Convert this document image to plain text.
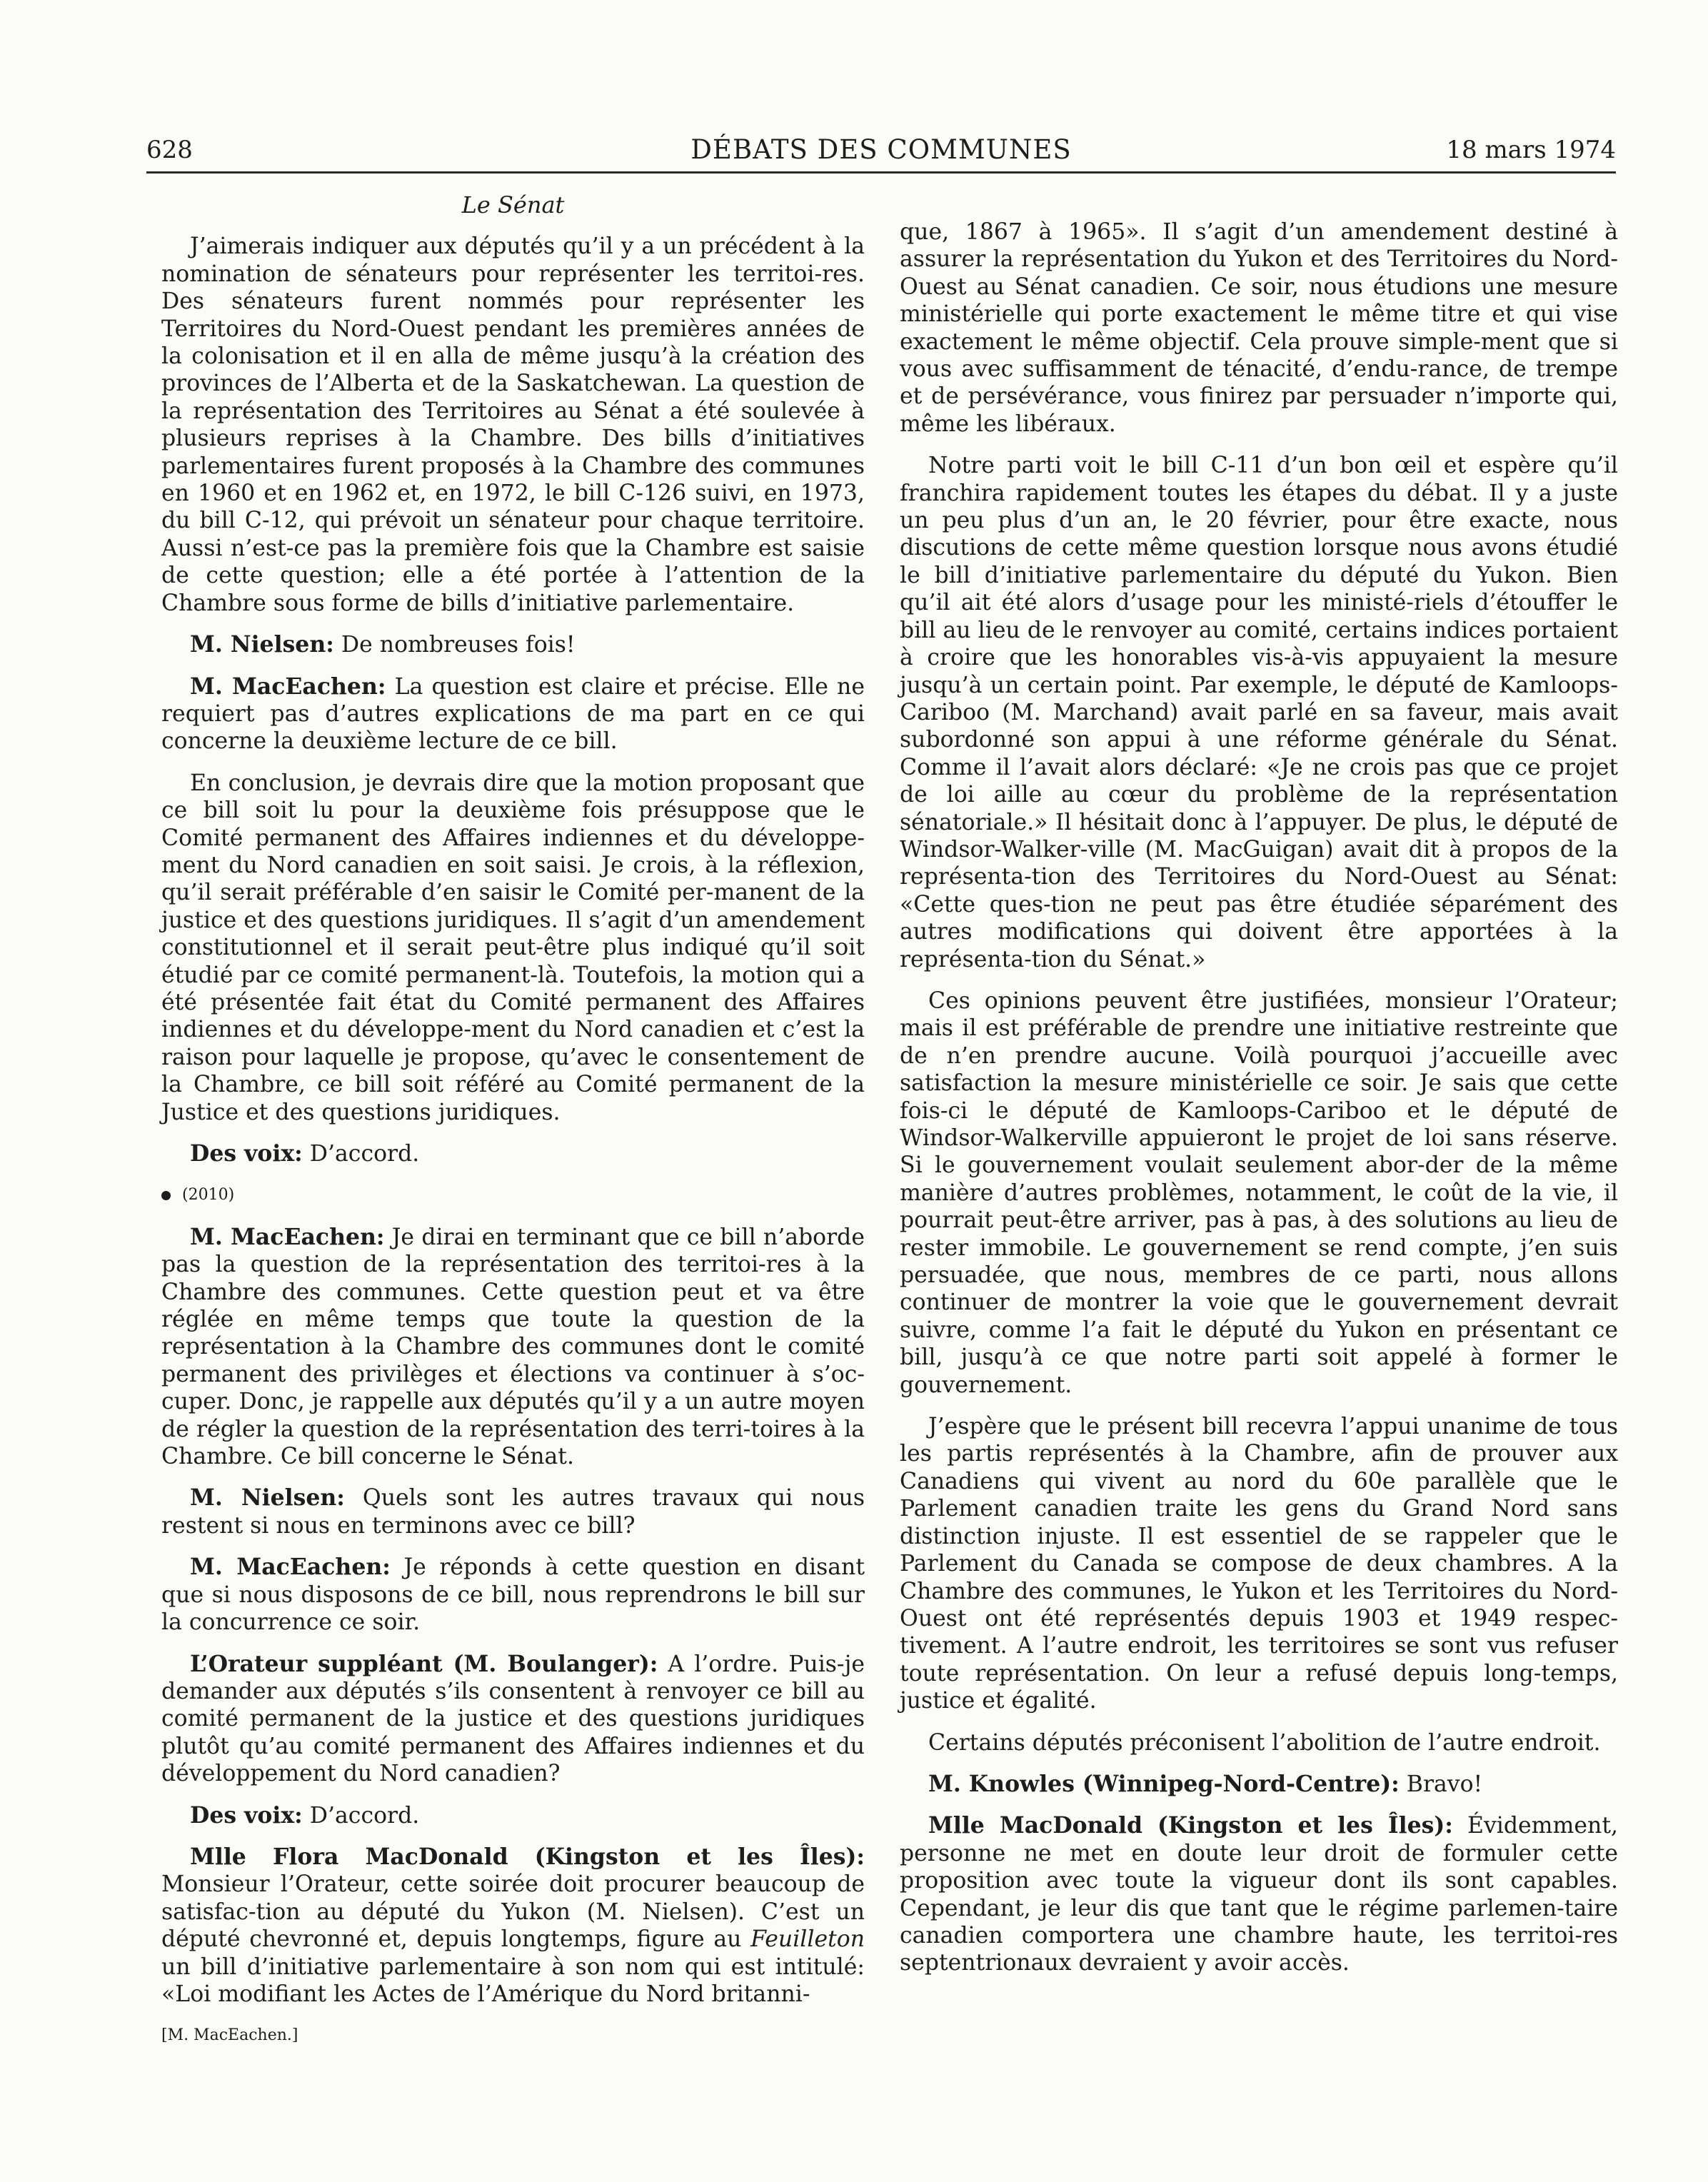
628	DÉBATS DES COMMUNES	18 mars 1974

Le Sénat

J’aimerais indiquer aux députés qu’il y a un précédent à la nomination de sénateurs pour représenter les territoi-res. Des sénateurs furent nommés pour représenter les Territoires du Nord-Ouest pendant les premières années de la colonisation et il en alla de même jusqu’à la création des provinces de l’Alberta et de la Saskatchewan. La question de la représentation des Territoires au Sénat a été soulevée à plusieurs reprises à la Chambre. Des bills d’initiatives parlementaires furent proposés à la Chambre des communes en 1960 et en 1962 et, en 1972, le bill C-126 suivi, en 1973, du bill C-12, qui prévoit un sénateur pour chaque territoire. Aussi n’est-ce pas la première fois que la Chambre est saisie de cette question; elle a été portée à l’attention de la Chambre sous forme de bills d’initiative parlementaire.

M. Nielsen: De nombreuses fois!

M. MacEachen: La question est claire et précise. Elle ne requiert pas d’autres explications de ma part en ce qui concerne la deuxième lecture de ce bill.

En conclusion, je devrais dire que la motion proposant que ce bill soit lu pour la deuxième fois présuppose que le Comité permanent des Affaires indiennes et du développe-ment du Nord canadien en soit saisi. Je crois, à la réflexion, qu’il serait préférable d’en saisir le Comité per-manent de la justice et des questions juridiques. Il s’agit d’un amendement constitutionnel et il serait peut-être plus indiqué qu’il soit étudié par ce comité permanent-là. Toutefois, la motion qui a été présentée fait état du Comité permanent des Affaires indiennes et du développe-ment du Nord canadien et c’est la raison pour laquelle je propose, qu’avec le consentement de la Chambre, ce bill soit référé au Comité permanent de la Justice et des questions juridiques.

Des voix: D’accord.

(2010)

M. MacEachen: Je dirai en terminant que ce bill n’aborde pas la question de la représentation des territoi-res à la Chambre des communes. Cette question peut et va être réglée en même temps que toute la question de la représentation à la Chambre des communes dont le comité permanent des privilèges et élections va continuer à s’oc-cuper. Donc, je rappelle aux députés qu’il y a un autre moyen de régler la question de la représentation des terri-toires à la Chambre. Ce bill concerne le Sénat.

M. Nielsen: Quels sont les autres travaux qui nous restent si nous en terminons avec ce bill?

M. MacEachen: Je réponds à cette question en disant que si nous disposons de ce bill, nous reprendrons le bill sur la concurrence ce soir.

L’Orateur suppléant (M. Boulanger): A l’ordre. Puis-je demander aux députés s’ils consentent à renvoyer ce bill au comité permanent de la justice et des questions juridiques plutôt qu’au comité permanent des Affaires indiennes et du développement du Nord canadien?

Des voix: D’accord.

Mlle Flora MacDonald (Kingston et les Îles): Monsieur l’Orateur, cette soirée doit procurer beaucoup de satisfac-tion au député du Yukon (M. Nielsen). C’est un député chevronné et, depuis longtemps, figure au Feuilleton un bill d’initiative parlementaire à son nom qui est intitulé: «Loi modifiant les Actes de l’Amérique du Nord britanni-

[M. MacEachen.]

que, 1867 à 1965». Il s’agit d’un amendement destiné à assurer la représentation du Yukon et des Territoires du Nord-Ouest au Sénat canadien. Ce soir, nous étudions une mesure ministérielle qui porte exactement le même titre et qui vise exactement le même objectif. Cela prouve simple-ment que si vous avec suffisamment de ténacité, d’endu-rance, de trempe et de persévérance, vous finirez par persuader n’importe qui, même les libéraux.

Notre parti voit le bill C-11 d’un bon œil et espère qu’il franchira rapidement toutes les étapes du débat. Il y a juste un peu plus d’un an, le 20 février, pour être exacte, nous discutions de cette même question lorsque nous avons étudié le bill d’initiative parlementaire du député du Yukon. Bien qu’il ait été alors d’usage pour les ministé-riels d’étouffer le bill au lieu de le renvoyer au comité, certains indices portaient à croire que les honorables vis-à-vis appuyaient la mesure jusqu’à un certain point. Par exemple, le député de Kamloops-Cariboo (M. Marchand) avait parlé en sa faveur, mais avait subordonné son appui à une réforme générale du Sénat. Comme il l’avait alors déclaré: «Je ne crois pas que ce projet de loi aille au cœur du problème de la représentation sénatoriale.» Il hésitait donc à l’appuyer. De plus, le député de Windsor-Walker-ville (M. MacGuigan) avait dit à propos de la représenta-tion des Territoires du Nord-Ouest au Sénat: «Cette ques-tion ne peut pas être étudiée séparément des autres modifications qui doivent être apportées à la représenta-tion du Sénat.»

Ces opinions peuvent être justifiées, monsieur l’Orateur; mais il est préférable de prendre une initiative restreinte que de n’en prendre aucune. Voilà pourquoi j’accueille avec satisfaction la mesure ministérielle ce soir. Je sais que cette fois-ci le député de Kamloops-Cariboo et le député de Windsor-Walkerville appuieront le projet de loi sans réserve. Si le gouvernement voulait seulement abor-der de la même manière d’autres problèmes, notamment, le coût de la vie, il pourrait peut-être arriver, pas à pas, à des solutions au lieu de rester immobile. Le gouvernement se rend compte, j’en suis persuadée, que nous, membres de ce parti, nous allons continuer de montrer la voie que le gouvernement devrait suivre, comme l’a fait le député du Yukon en présentant ce bill, jusqu’à ce que notre parti soit appelé à former le gouvernement.

J’espère que le présent bill recevra l’appui unanime de tous les partis représentés à la Chambre, afin de prouver aux Canadiens qui vivent au nord du 60e parallèle que le Parlement canadien traite les gens du Grand Nord sans distinction injuste. Il est essentiel de se rappeler que le Parlement du Canada se compose de deux chambres. A la Chambre des communes, le Yukon et les Territoires du Nord-Ouest ont été représentés depuis 1903 et 1949 respec-tivement. A l’autre endroit, les territoires se sont vus refuser toute représentation. On leur a refusé depuis long-temps, justice et égalité.

Certains députés préconisent l’abolition de l’autre endroit.

M. Knowles (Winnipeg-Nord-Centre): Bravo!

Mlle MacDonald (Kingston et les Îles): Évidemment, personne ne met en doute leur droit de formuler cette proposition avec toute la vigueur dont ils sont capables. Cependant, je leur dis que tant que le régime parlemen-taire canadien comportera une chambre haute, les territoi-res septentrionaux devraient y avoir accès.
